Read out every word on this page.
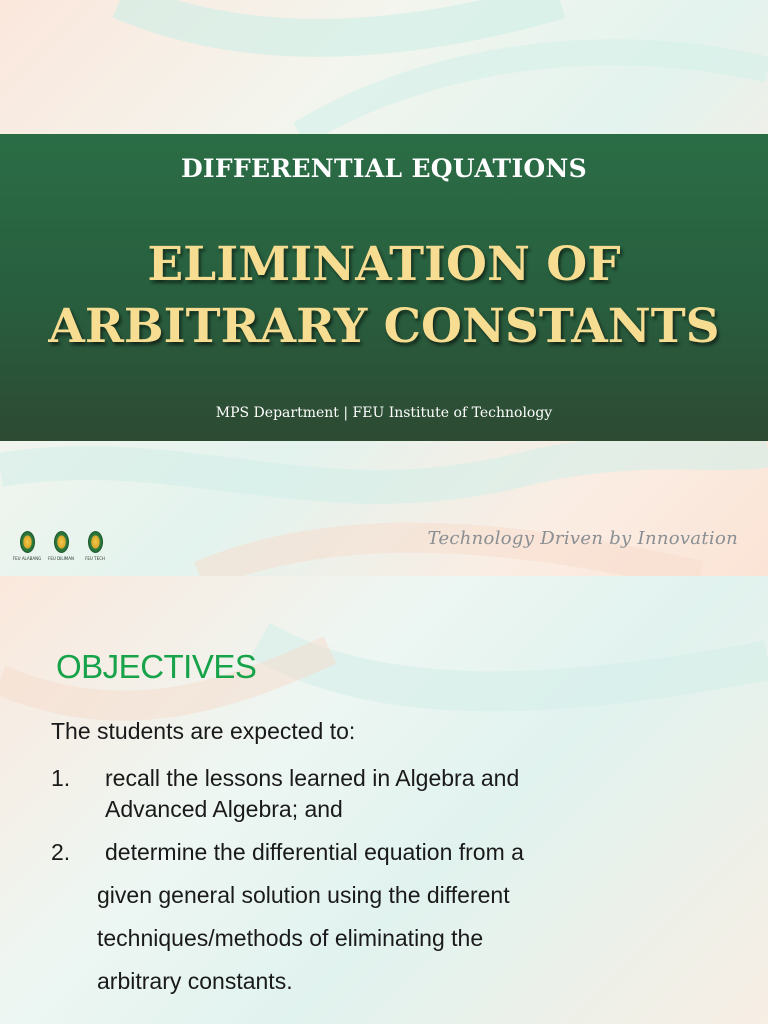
DIFFERENTIAL EQUATIONS
ELIMINATION OF
ARBITRARY CONSTANTS
MPS Department | FEU Institute of Technology
FEU ALABANG FEU DILIMAN	FEU TECH
Technology Driven by Innovation
OBJECTIVES
The students are expected to:
1.	recall the lessons learned in Algebra and
Advanced Algebra; and
2.	determine the differential equation from a
given general solution using the different
techniques/methods of eliminating the
arbitrary constants.
